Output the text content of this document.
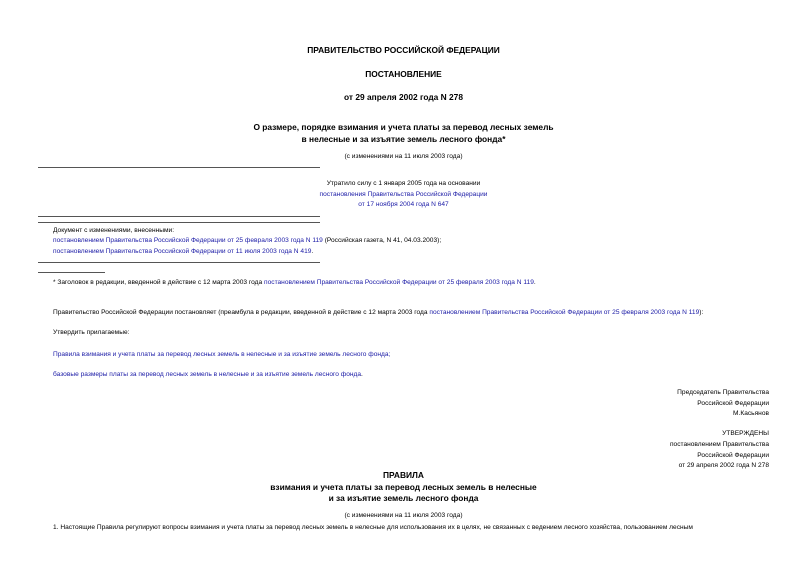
ПРАВИТЕЛЬСТВО РОССИЙСКОЙ ФЕДЕРАЦИИ
ПОСТАНОВЛЕНИЕ
от 29 апреля 2002 года N 278
О размере, порядке взимания и учета платы за перевод лесных земель
в нелесные и за изъятие земель лесного фонда*
(с изменениями на 11 июля 2003 года)
Утратило силу с 1 января 2005 года на основании
постановления Правительства Российской Федерации
от 17 ноября 2004 года N 647
Документ с изменениями, внесенными:
постановлением Правительства Российской Федерации от 25 февраля 2003 года N 119 (Российская газета, N 41, 04.03.2003);
постановлением Правительства Российской Федерации от 11 июля 2003 года N 419.
* Заголовок в редакции, введенной в действие с 12 марта 2003 года постановлением Правительства Российской Федерации от 25 февраля 2003 года N 119.
Правительство Российской Федерации постановляет (преамбула в редакции, введенной в действие с 12 марта 2003 года постановлением Правительства Российской Федерации от 25 февраля 2003 года N 119):
Утвердить прилагаемые:
Правила взимания и учета платы за перевод лесных земель в нелесные и за изъятие земель лесного фонда;
базовые размеры платы за перевод лесных земель в нелесные и за изъятие земель лесного фонда.
Председатель Правительства
Российской Федерации
М.Касьянов
УТВЕРЖДЕНЫ
постановлением Правительства
Российской Федерации
от 29 апреля 2002 года N 278
ПРАВИЛА
взимания и учета платы за перевод лесных земель в нелесные
и за изъятие земель лесного фонда
(с изменениями на 11 июля 2003 года)
1. Настоящие Правила регулируют вопросы взимания и учета платы за перевод лесных земель в нелесные для использования их в целях, не связанных с ведением лесного хозяйства, пользованием лесным
